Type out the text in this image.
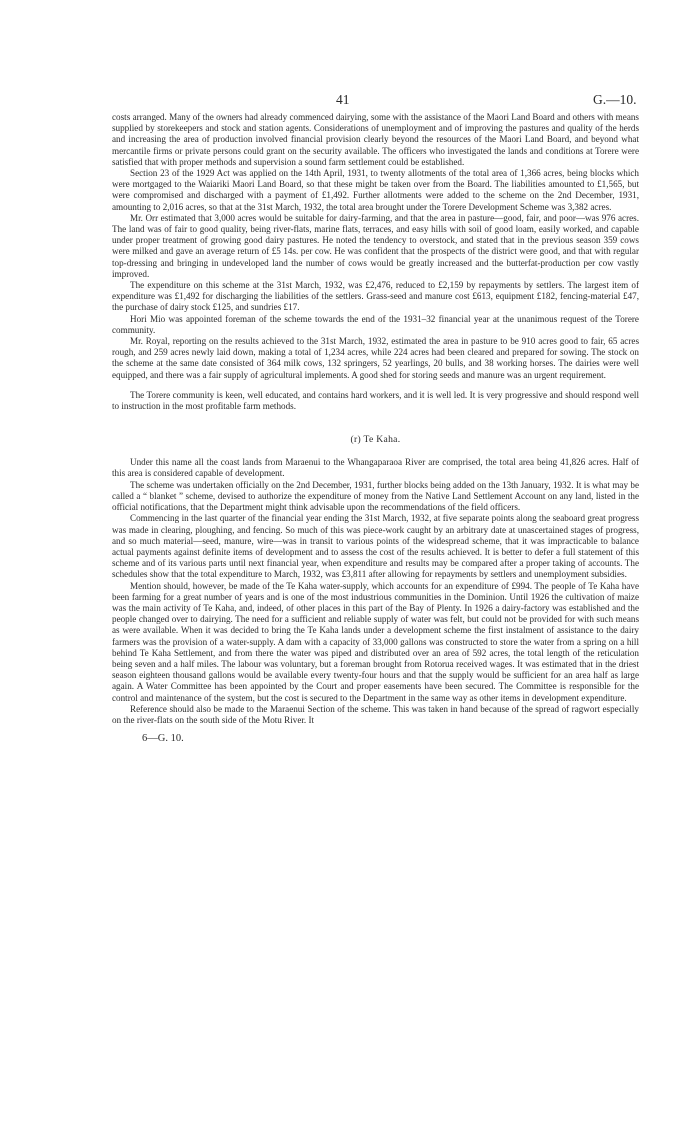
41	G.—10.

costs arranged. Many of the owners had already commenced dairying, some with the assistance of the Maori Land Board and others with means supplied by storekeepers and stock and station agents. Considerations of unemployment and of improving the pastures and quality of the herds and increasing the area of production involved financial provision clearly beyond the resources of the Maori Land Board, and beyond what mercantile firms or private persons could grant on the security available. The officers who investigated the lands and conditions at Torere were satisfied that with proper methods and supervision a sound farm settlement could be established.

Section 23 of the 1929 Act was applied on the 14th April, 1931, to twenty allotments of the total area of 1,366 acres, being blocks which were mortgaged to the Waiariki Maori Land Board, so that these might be taken over from the Board. The liabilities amounted to £1,565, but were compromised and discharged with a payment of £1,492. Further allotments were added to the scheme on the 2nd December, 1931, amounting to 2,016 acres, so that at the 31st March, 1932, the total area brought under the Torere Development Scheme was 3,382 acres.

Mr. Orr estimated that 3,000 acres would be suitable for dairy-farming, and that the area in pasture—good, fair, and poor—was 976 acres. The land was of fair to good quality, being river-flats, marine flats, terraces, and easy hills with soil of good loam, easily worked, and capable under proper treatment of growing good dairy pastures. He noted the tendency to overstock, and stated that in the previous season 359 cows were milked and gave an average return of £5 14s. per cow. He was confident that the prospects of the district were good, and that with regular top-dressing and bringing in undeveloped land the number of cows would be greatly increased and the butterfat-production per cow vastly improved.

The expenditure on this scheme at the 31st March, 1932, was £2,476, reduced to £2,159 by repayments by settlers. The largest item of expenditure was £1,492 for discharging the liabilities of the settlers. Grass-seed and manure cost £613, equipment £182, fencing-material £47, the purchase of dairy stock £125, and sundries £17.

Hori Mio was appointed foreman of the scheme towards the end of the 1931–32 financial year at the unanimous request of the Torere community.

Mr. Royal, reporting on the results achieved to the 31st March, 1932, estimated the area in pasture to be 910 acres good to fair, 65 acres rough, and 259 acres newly laid down, making a total of 1,234 acres, while 224 acres had been cleared and prepared for sowing. The stock on the scheme at the same date consisted of 364 milk cows, 132 springers, 52 yearlings, 20 bulls, and 38 working horses. The dairies were well equipped, and there was a fair supply of agricultural implements. A good shed for storing seeds and manure was an urgent requirement.

The Torere community is keen, well educated, and contains hard workers, and it is well led. It is very progressive and should respond well to instruction in the most profitable farm methods.

(r) Te Kaha.

Under this name all the coast lands from Maraenui to the Whangaparaoa River are comprised, the total area being 41,826 acres. Half of this area is considered capable of development.

The scheme was undertaken officially on the 2nd December, 1931, further blocks being added on the 13th January, 1932. It is what may be called a “ blanket ” scheme, devised to authorize the expenditure of money from the Native Land Settlement Account on any land, listed in the official notifications, that the Department might think advisable upon the recommendations of the field officers.

Commencing in the last quarter of the financial year ending the 31st March, 1932, at five separate points along the seaboard great progress was made in clearing, ploughing, and fencing. So much of this was piece-work caught by an arbitrary date at unascertained stages of progress, and so much material—seed, manure, wire—was in transit to various points of the widespread scheme, that it was impracticable to balance actual payments against definite items of development and to assess the cost of the results achieved. It is better to defer a full statement of this scheme and of its various parts until next financial year, when expenditure and results may be compared after a proper taking of accounts. The schedules show that the total expenditure to March, 1932, was £3,811 after allowing for repayments by settlers and unemployment subsidies.

Mention should, however, be made of the Te Kaha water-supply, which accounts for an expenditure of £994. The people of Te Kaha have been farming for a great number of years and is one of the most industrious communities in the Dominion. Until 1926 the cultivation of maize was the main activity of Te Kaha, and, indeed, of other places in this part of the Bay of Plenty. In 1926 a dairy-factory was established and the people changed over to dairying. The need for a sufficient and reliable supply of water was felt, but could not be provided for with such means as were available. When it was decided to bring the Te Kaha lands under a development scheme the first instalment of assistance to the dairy farmers was the provision of a water-supply. A dam with a capacity of 33,000 gallons was constructed to store the water from a spring on a hill behind Te Kaha Settlement, and from there the water was piped and distributed over an area of 592 acres, the total length of the reticulation being seven and a half miles. The labour was voluntary, but a foreman brought from Rotorua received wages. It was estimated that in the driest season eighteen thousand gallons would be available every twenty-four hours and that the supply would be sufficient for an area half as large again. A Water Committee has been appointed by the Court and proper easements have been secured. The Committee is responsible for the control and maintenance of the system, but the cost is secured to the Department in the same way as other items in development expenditure.

Reference should also be made to the Maraenui Section of the scheme. This was taken in hand because of the spread of ragwort especially on the river-flats on the south side of the Motu River. It

6—G. 10.
